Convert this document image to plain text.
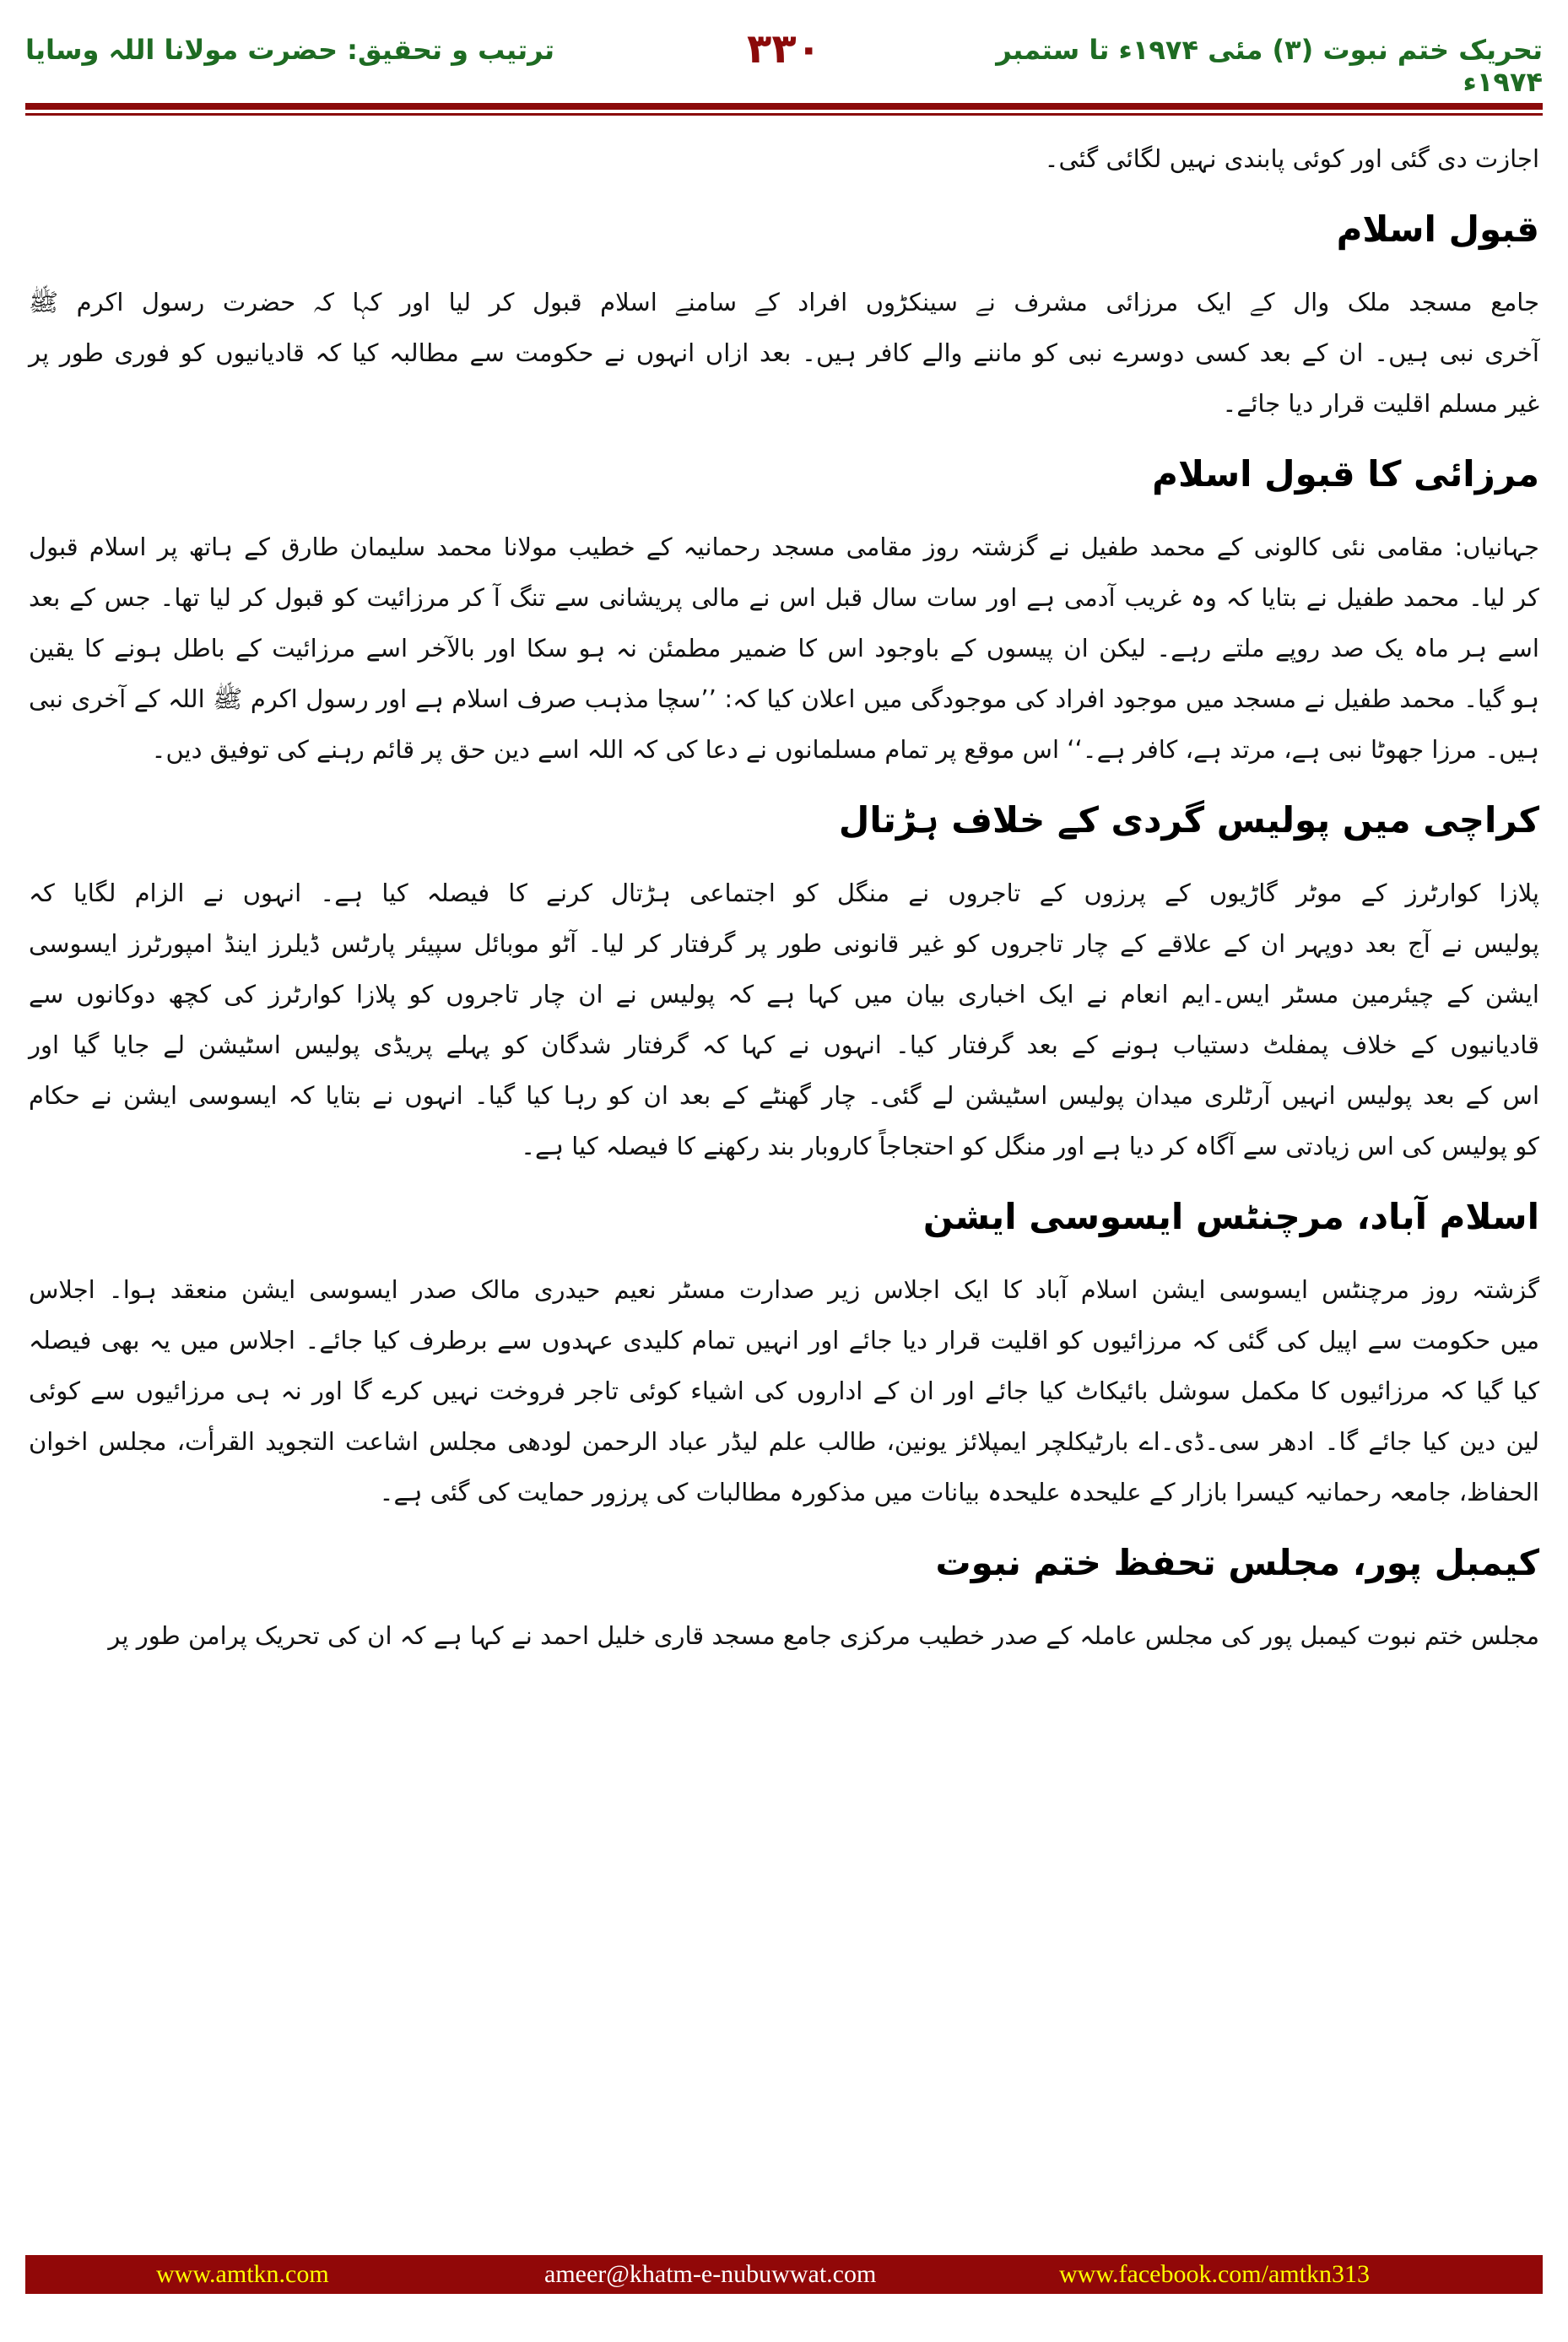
تحریک ختم نبوت (۳) مئی ۱۹۷۴ء تا ستمبر ۱۹۷۴ء
۳۳۰
ترتیب و تحقیق: حضرت مولانا اللہ وسایا
اجازت دی گئی اور کوئی پابندی نہیں لگائی گئی۔
قبول اسلام
جامع مسجد ملک وال کے ایک مرزائی مشرف نے سینکڑوں افراد کے سامنے اسلام قبول کر لیا اور کہا کہ حضرت رسول اکرم ﷺ
آخری نبی ہیں۔ ان کے بعد کسی دوسرے نبی کو ماننے والے کافر ہیں۔ بعد ازاں انہوں نے حکومت سے مطالبہ کیا کہ قادیانیوں کو فوری طور پر
غیر مسلم اقلیت قرار دیا جائے۔
مرزائی کا قبول اسلام
جہانیاں: مقامی نئی کالونی کے محمد طفیل نے گزشتہ روز مقامی مسجد رحمانیہ کے خطیب مولانا محمد سلیمان طارق کے ہاتھ پر اسلام قبول
کر لیا۔ محمد طفیل نے بتایا کہ وہ غریب آدمی ہے اور سات سال قبل اس نے مالی پریشانی سے تنگ آ کر مرزائیت کو قبول کر لیا تھا۔ جس کے بعد
اسے ہر ماہ یک صد روپے ملتے رہے۔ لیکن ان پیسوں کے باوجود اس کا ضمیر مطمئن نہ ہو سکا اور بالآخر اسے مرزائیت کے باطل ہونے کا یقین
ہو گیا۔ محمد طفیل نے مسجد میں موجود افراد کی موجودگی میں اعلان کیا کہ: ’’سچا مذہب صرف اسلام ہے اور رسول اکرم ﷺ اللہ کے آخری نبی
ہیں۔ مرزا جھوٹا نبی ہے، مرتد ہے، کافر ہے۔‘‘ اس موقع پر تمام مسلمانوں نے دعا کی کہ اللہ اسے دین حق پر قائم رہنے کی توفیق دیں۔
کراچی میں پولیس گردی کے خلاف ہڑتال
پلازا کوارٹرز کے موٹر گاڑیوں کے پرزوں کے تاجروں نے منگل کو اجتماعی ہڑتال کرنے کا فیصلہ کیا ہے۔ انہوں نے الزام لگایا کہ
پولیس نے آج بعد دوپہر ان کے علاقے کے چار تاجروں کو غیر قانونی طور پر گرفتار کر لیا۔ آٹو موبائل سپیئر پارٹس ڈیلرز اینڈ امپورٹرز ایسوسی
ایشن کے چیئرمین مسٹر ایس۔ایم انعام نے ایک اخباری بیان میں کہا ہے کہ پولیس نے ان چار تاجروں کو پلازا کوارٹرز کی کچھ دوکانوں سے
قادیانیوں کے خلاف پمفلٹ دستیاب ہونے کے بعد گرفتار کیا۔ انہوں نے کہا کہ گرفتار شدگان کو پہلے پریڈی پولیس اسٹیشن لے جایا گیا اور
اس کے بعد پولیس انہیں آرٹلری میدان پولیس اسٹیشن لے گئی۔ چار گھنٹے کے بعد ان کو رہا کیا گیا۔ انہوں نے بتایا کہ ایسوسی ایشن نے حکام
کو پولیس کی اس زیادتی سے آگاہ کر دیا ہے اور منگل کو احتجاجاً کاروبار بند رکھنے کا فیصلہ کیا ہے۔
اسلام آباد، مرچنٹس ایسوسی ایشن
گزشتہ روز مرچنٹس ایسوسی ایشن اسلام آباد کا ایک اجلاس زیر صدارت مسٹر نعیم حیدری مالک صدر ایسوسی ایشن منعقد ہوا۔ اجلاس
میں حکومت سے اپیل کی گئی کہ مرزائیوں کو اقلیت قرار دیا جائے اور انہیں تمام کلیدی عہدوں سے برطرف کیا جائے۔ اجلاس میں یہ بھی فیصلہ
کیا گیا کہ مرزائیوں کا مکمل سوشل بائیکاٹ کیا جائے اور ان کے اداروں کی اشیاء کوئی تاجر فروخت نہیں کرے گا اور نہ ہی مرزائیوں سے کوئی
لین دین کیا جائے گا۔ ادھر سی۔ڈی۔اے بارٹیکلچر ایمپلائز یونین، طالب علم لیڈر عباد الرحمن لودھی مجلس اشاعت التجوید القرأت، مجلس اخوان
الحفاظ، جامعہ رحمانیہ کیسرا بازار کے علیحدہ علیحدہ بیانات میں مذکورہ مطالبات کی پرزور حمایت کی گئی ہے۔
کیمبل پور، مجلس تحفظ ختم نبوت
مجلس ختم نبوت کیمبل پور کی مجلس عاملہ کے صدر خطیب مرکزی جامع مسجد قاری خلیل احمد نے کہا ہے کہ ان کی تحریک پرامن طور پر
www.amtkn.com	ameer@khatm-e-nubuwwat.com	www.facebook.com/amtkn313
